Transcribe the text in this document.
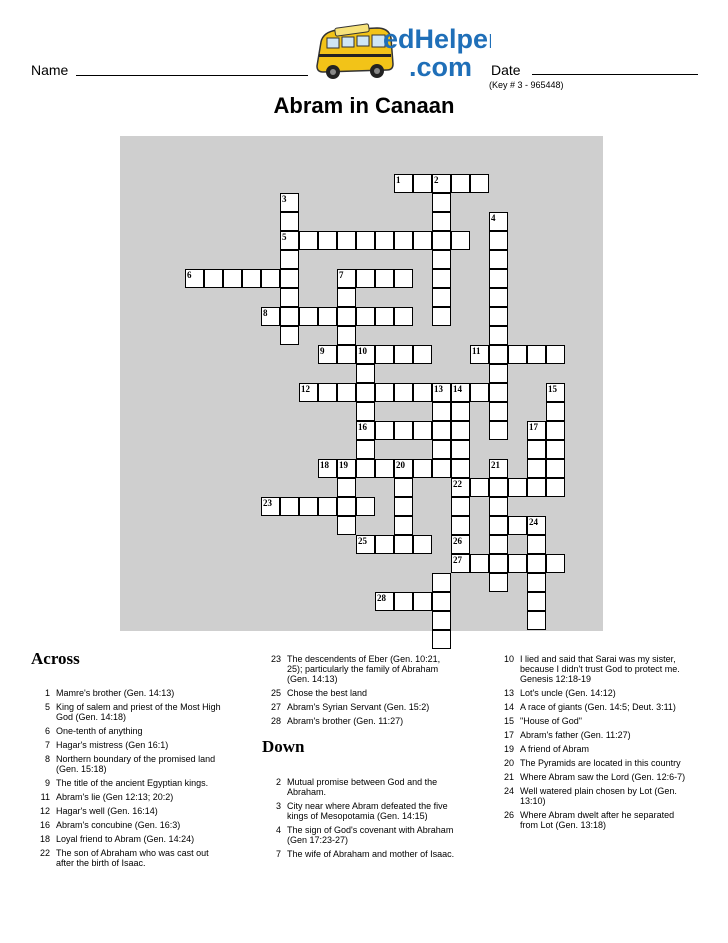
Name
edHelper
.com Date
(Key # 3 - 965448)
Abram in Canaan
1	2
3
4
5
6	7
8
9	10	11
12	13 14	15
16	17
18 19	20	21
22
23
24
25	26
27
28
Across
Down
1 Mamre's brother (Gen. 14:13)
5 King of salem and priest of the Most High God (Gen. 14:18)
6 One-tenth of anything
7 Hagar's mistress (Gen 16:1)
8 Northern boundary of the promised land (Gen. 15:18)
9 The title of the ancient Egyptian kings.
11 Abram's lie (Gen 12:13; 20:2)
12 Hagar's well (Gen. 16:14)
16 Abram's concubine (Gen. 16:3)
18 Loyal friend to Abram (Gen. 14:24)
22 The son of Abraham who was cast out after the birth of Isaac.
23 The descendents of Eber (Gen. 10:21, 25); particularly the family of Abraham (Gen. 14:13)
25 Chose the best land
27 Abram's Syrian Servant (Gen. 15:2)
28 Abram's brother (Gen. 11:27)
2 Mutual promise between God and the Abraham.
3 City near where Abram defeated the five kings of Mesopotamia (Gen. 14:15)
4 The sign of God's covenant with Abraham (Gen 17:23-27)
7 The wife of Abraham and mother of Isaac.
10 I lied and said that Sarai was my sister, because I didn't trust God to protect me. Genesis 12:18-19
13 Lot's uncle (Gen. 14:12)
14 A race of giants (Gen. 14:5; Deut. 3:11)
15 "House of God"
17 Abram's father (Gen. 11:27)
19 A friend of Abram
20 The Pyramids are located in this country
21 Where Abram saw the Lord (Gen. 12:6-7)
24 Well watered plain chosen by Lot (Gen. 13:10)
26 Where Abram dwelt after he separated from Lot (Gen. 13:18)
